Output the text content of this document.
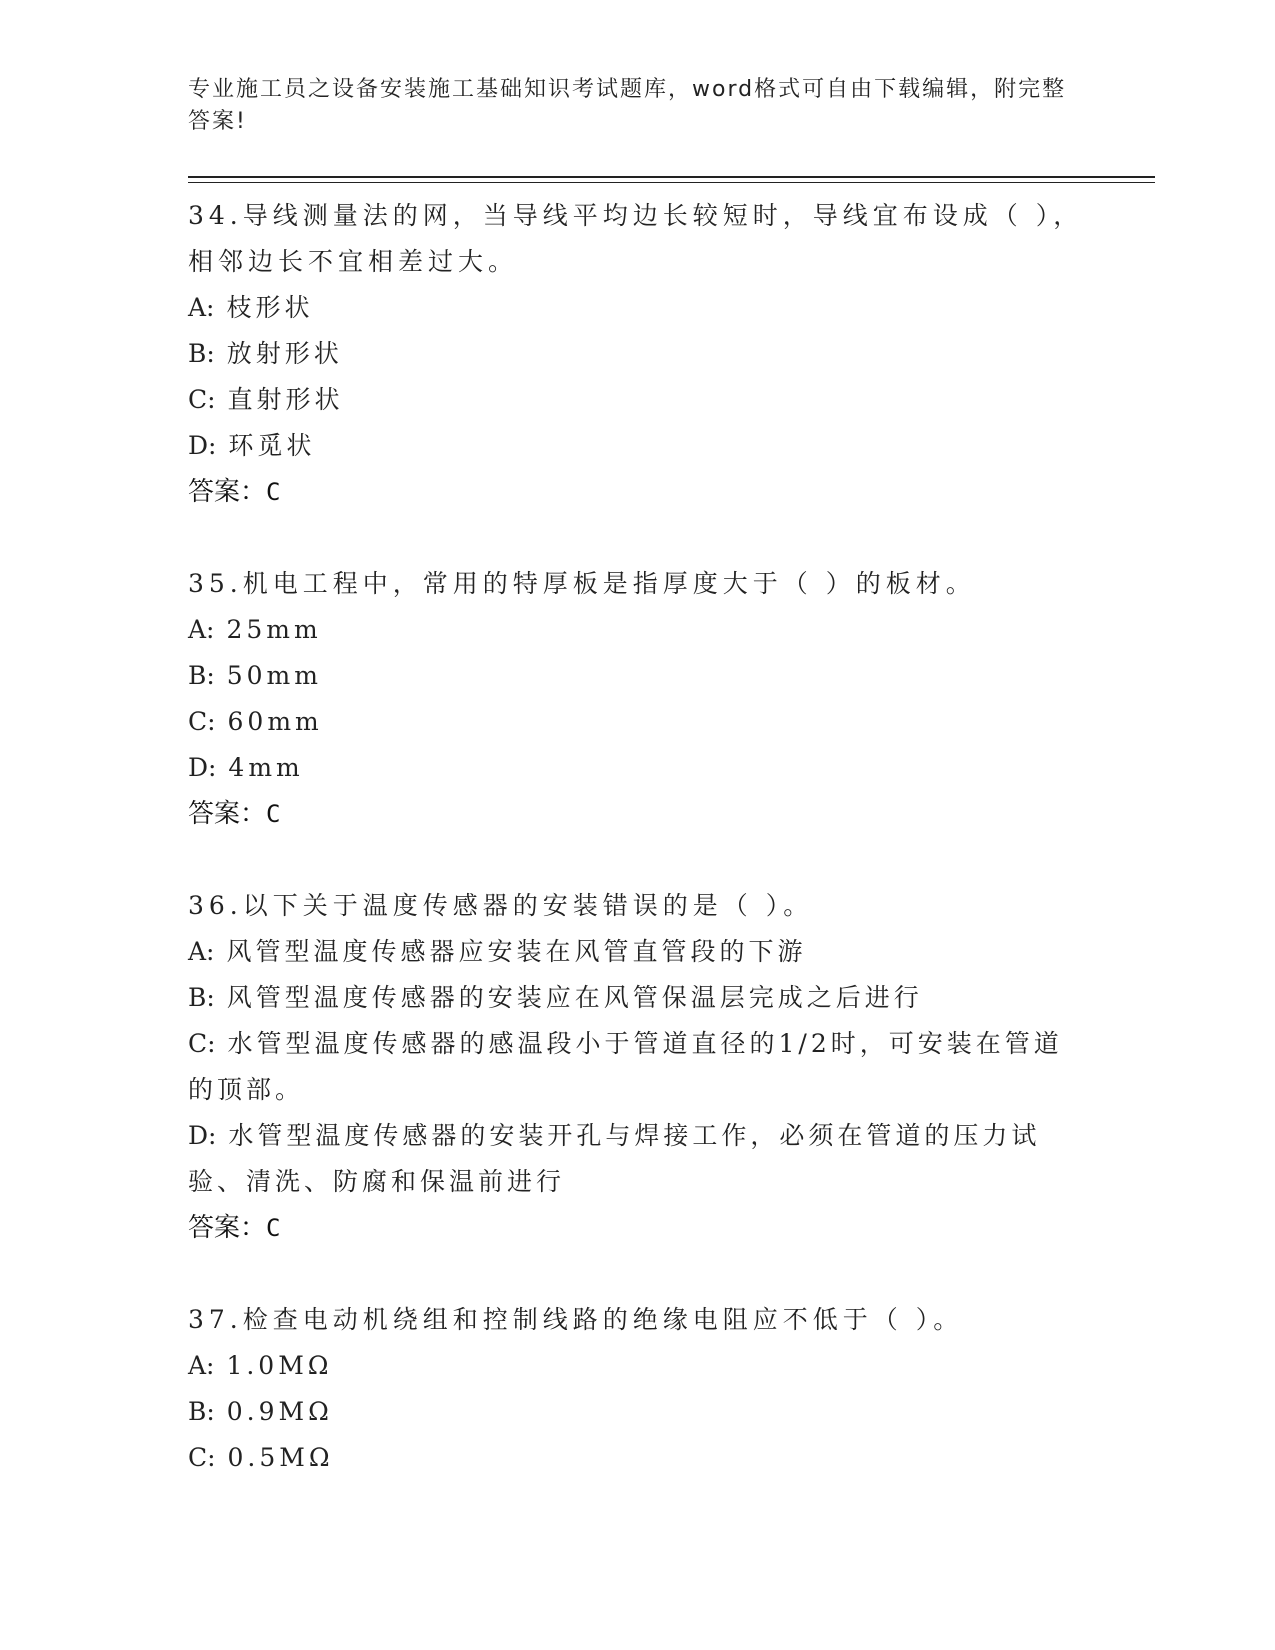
专业施工员之设备安装施工基础知识考试题库，word格式可自由下载编辑，附完整答案!

34.导线测量法的网，当导线平均边长较短时，导线宜布设成（ ），相邻边长不宜相差过大。

A: 枝形状

B: 放射形状

C: 直射形状

D: 环觅状

答案：C

35.机电工程中，常用的特厚板是指厚度大于（ ）的板材。

A: 25mm

B: 50mm

C: 60mm

D: 4mm

答案：C

36.以下关于温度传感器的安装错误的是（ ）。

A: 风管型温度传感器应安装在风管直管段的下游

B: 风管型温度传感器的安装应在风管保温层完成之后进行

C: 水管型温度传感器的感温段小于管道直径的1/2时，可安装在管道的顶部。

D: 水管型温度传感器的安装开孔与焊接工作，必须在管道的压力试验、清洗、防腐和保温前进行

答案：C

37.检查电动机绕组和控制线路的绝缘电阻应不低于（ ）。

A: 1.0MΩ

B: 0.9MΩ

C: 0.5MΩ
